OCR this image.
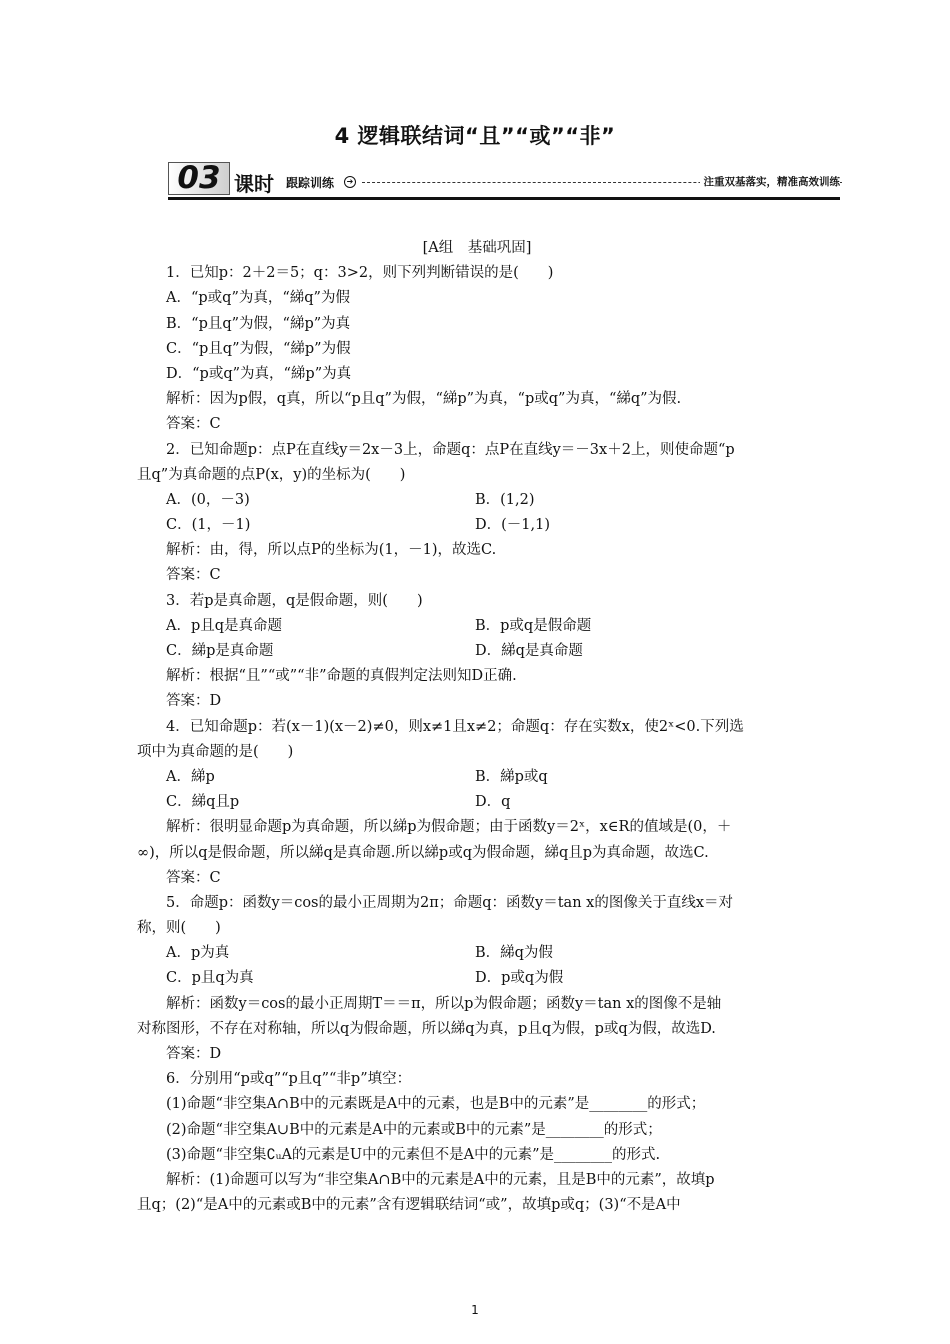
4 逻辑联结词“且”“或”“非”
03 课时 跟踪训练	➔	注重双基落实，精准高效训练
[A组　基础巩固]
1．已知p：2＋2＝5；q：3>2，则下列判断错误的是(　　)
A．“p或q”为真，“綈q”为假
B．“p且q”为假，“綈p”为真
C．“p且q”为假，“綈p”为假
D．“p或q”为真，“綈p”为真
解析：因为p假，q真，所以“p且q”为假，“綈p”为真，“p或q”为真，“綈q”为假.
答案：C
2．已知命题p：点P在直线y＝2x－3上，命题q：点P在直线y＝－3x＋2上，则使命题“p
且q”为真命题的点P(x，y)的坐标为(　　)
A．(0，－3)	B．(1,2)
C．(1，－1)	D．(－1,1)
解析：由，得，所以点P的坐标为(1，－1)，故选C.
答案：C
3．若p是真命题，q是假命题，则(　　)
A．p且q是真命题	B．p或q是假命题
C．綈p是真命题	D．綈q是真命题
解析：根据“且”“或”“非”命题的真假判定法则知D正确.
答案：D
4．已知命题p：若(x－1)(x－2)≠0，则x≠1且x≠2；命题q：存在实数x，使2ˣ<0.下列选
项中为真命题的是(　　)
A．綈p	B．綈p或q
C．綈q且p	D．q
解析：很明显命题p为真命题，所以綈p为假命题；由于函数y＝2ˣ，x∈R的值域是(0，＋
∞)，所以q是假命题，所以綈q是真命题.所以綈p或q为假命题，綈q且p为真命题，故选C.
答案：C
5．命题p：函数y＝cos的最小正周期为2π；命题q：函数y＝tan x的图像关于直线x＝对
称，则(　　)
A．p为真	B．綈q为假
C．p且q为真	D．p或q为假
解析：函数y＝cos的最小正周期T＝＝π，所以p为假命题；函数y＝tan x的图像不是轴
对称图形，不存在对称轴，所以q为假命题，所以綈q为真，p且q为假，p或q为假，故选D.
答案：D
6．分别用“p或q”“p且q”“非p”填空：
(1)命题“非空集A∩B中的元素既是A中的元素，也是B中的元素”是________的形式；
(2)命题“非空集A∪B中的元素是A中的元素或B中的元素”是________的形式；
(3)命题“非空集∁ᵤA的元素是U中的元素但不是A中的元素”是________的形式.
解析：(1)命题可以写为“非空集A∩B中的元素是A中的元素，且是B中的元素”，故填p
且q；(2)“是A中的元素或B中的元素”含有逻辑联结词“或”，故填p或q；(3)“不是A中
1
